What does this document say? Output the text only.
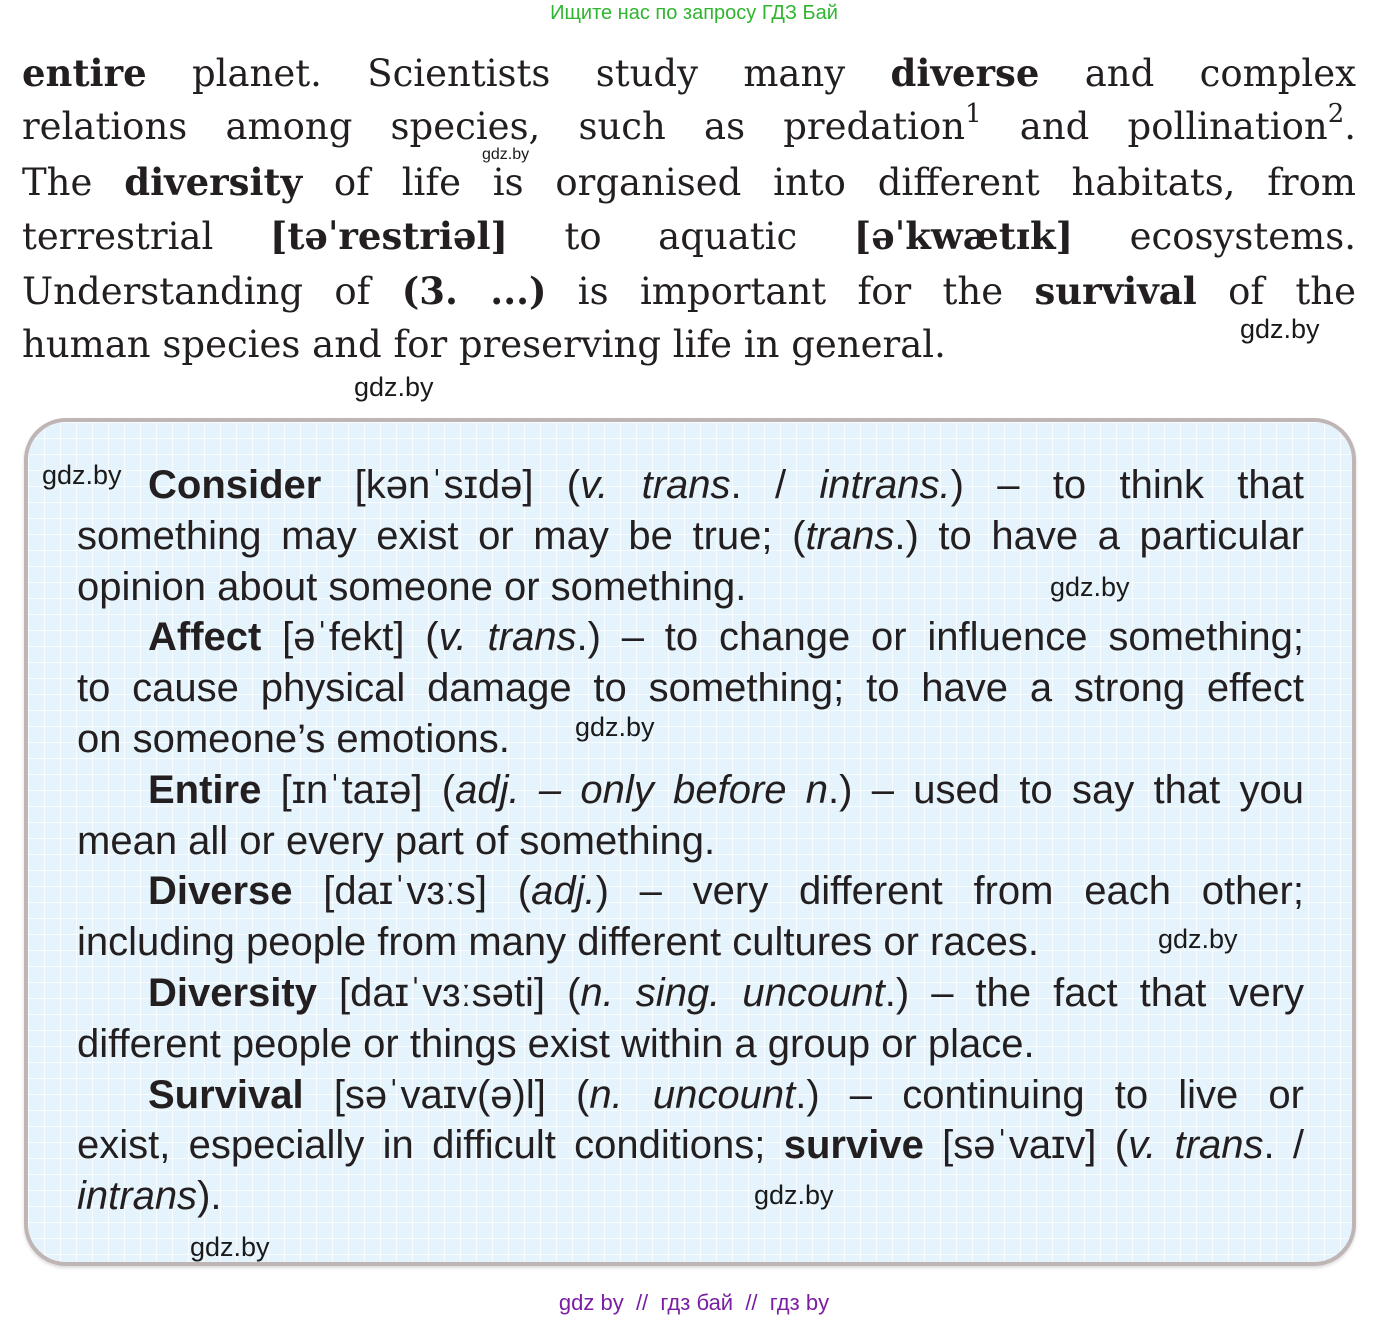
Ищите нас по запросу ГДЗ Бай
entire planet. Scientists study many diverse and complex
relations among species, such as predation$^1$ and pollination$^2$.
The diversity of life is organised into different habitats, from
terrestrial [təˈrestriəl] to aquatic [əˈkwætɪk] ecosystems.
Understanding of (3. ...) is important for the survival of the
human species and for preserving life in general.
gdz.by
gdz.by
gdz.by
Consider [kənˈsɪdə] (v. trans. / intrans.) – to think that
something may exist or may be true; (trans.) to have a particular
opinion about someone or something.
Affect [əˈfekt] (v. trans.) – to change or influence something;
to cause physical damage to something; to have a strong effect
on someone’s emotions.
Entire [ɪnˈtaɪə] (adj. – only before n.) – used to say that you
mean all or every part of something.
Diverse [daɪˈvɜːs] (adj.) – very different from each other;
including people from many different cultures or races.
Diversity [daɪˈvɜːsəti] (n. sing. uncount.) – the fact that very
different people or things exist within a group or place.
Survival [səˈvaɪv(ə)l] (n. uncount.) – continuing to live or
exist, especially in difficult conditions; survive [səˈvaɪv] (v. trans. /
intrans).
gdz.by
gdz.by
gdz.by
gdz.by
gdz.by
gdz.by
gdz by  //  гдз бай  //  гдз by
